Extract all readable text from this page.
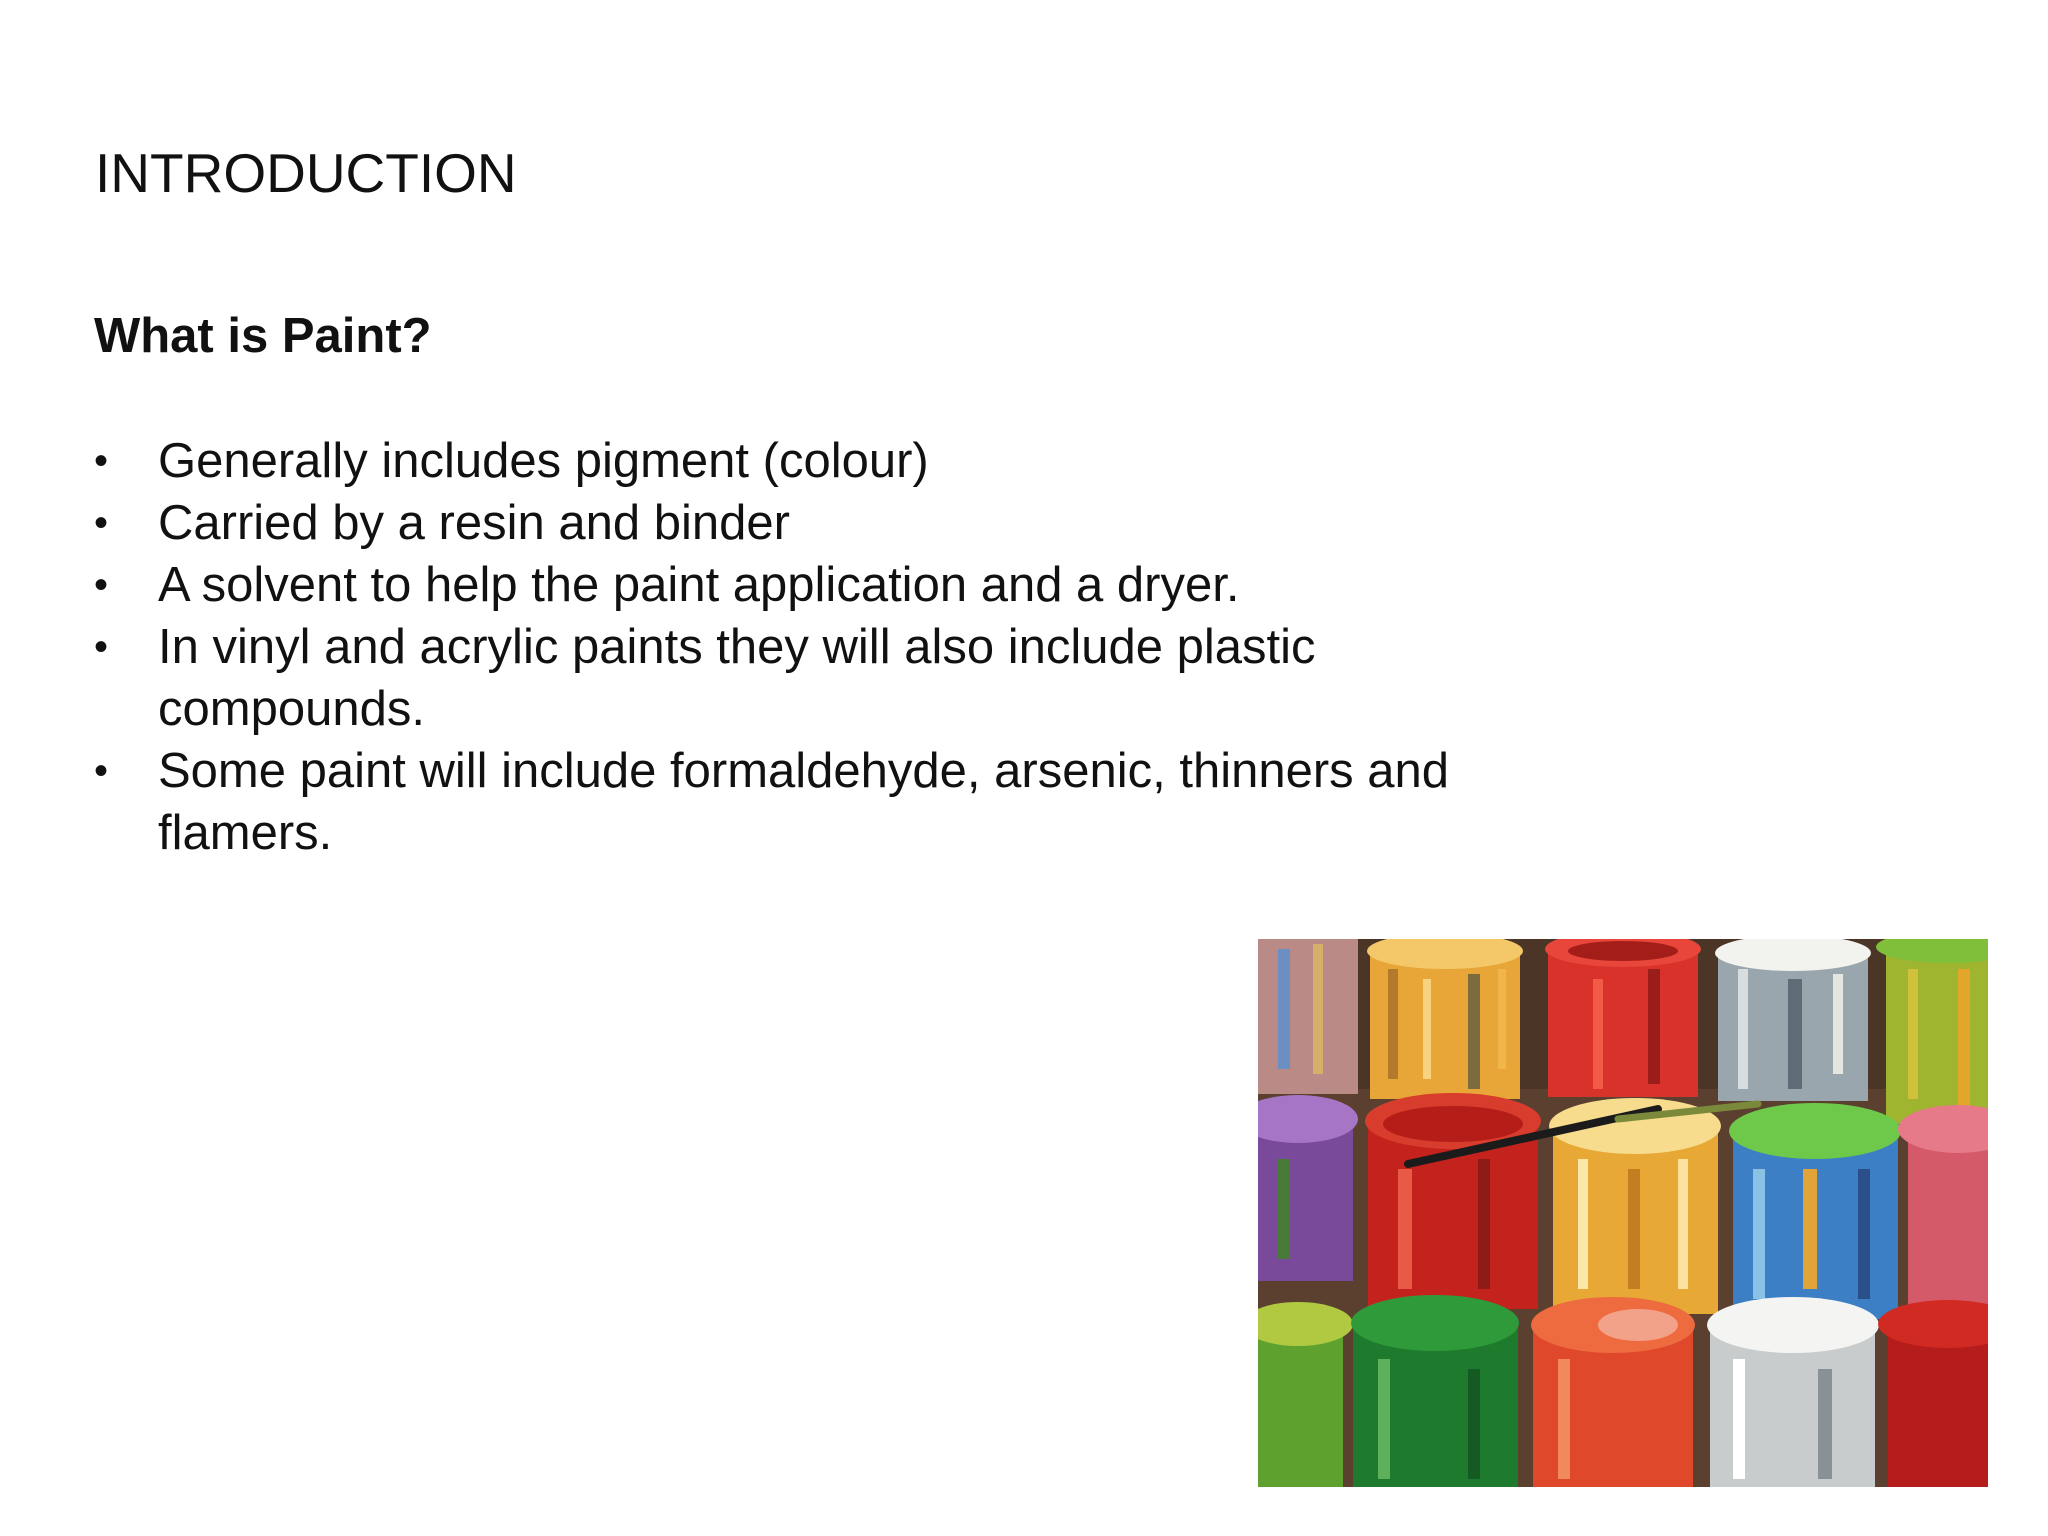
INTRODUCTION
What is Paint?
•	Generally includes pigment (colour)
•	Carried by a resin and binder
•	A solvent to help the paint application and a dryer.
•	In vinyl and acrylic paints they will also include plastic compounds.
•	Some paint will include formaldehyde, arsenic, thinners and flamers.
